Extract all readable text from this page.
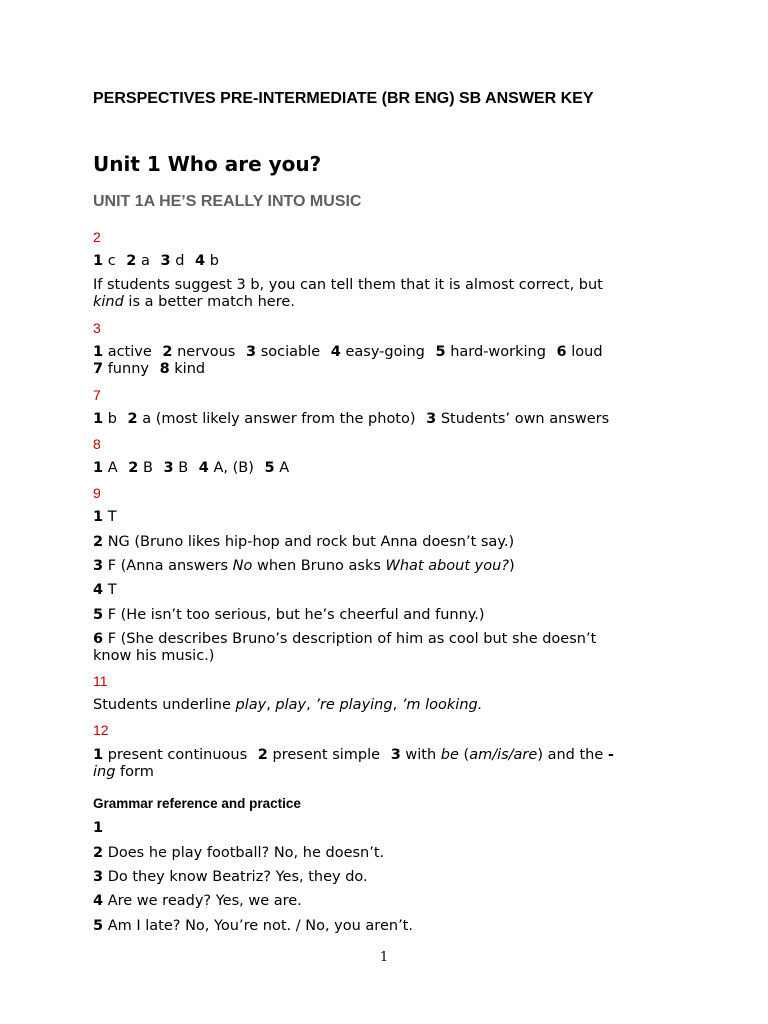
PERSPECTIVES PRE-INTERMEDIATE (BR ENG) SB ANSWER KEY
Unit 1 Who are you?
UNIT 1A HE’S REALLY INTO MUSIC
2
1 c 2 a 3 d 4 b
If students suggest 3 b, you can tell them that it is almost correct, but
kind is a better match here.
3
1 active 2 nervous 3 sociable 4 easy-going 5 hard-working 6 loud
7 funny 8 kind
7
1 b 2 a (most likely answer from the photo) 3 Students’ own answers
8
1 A 2 B 3 B 4 A, (B) 5 A
9
1 T
2 NG (Bruno likes hip-hop and rock but Anna doesn’t say.)
3 F (Anna answers No when Bruno asks What about you?)
4 T
5 F (He isn’t too serious, but he’s cheerful and funny.)
6 F (She describes Bruno’s description of him as cool but she doesn’t
know his music.)
11
Students underline play, play, ’re playing, ’m looking.
12
1 present continuous 2 present simple 3 with be (am/is/are) and the -
ing form
Grammar reference and practice
1
2 Does he play football? No, he doesn’t.
3 Do they know Beatriz? Yes, they do.
4 Are we ready? Yes, we are.
5 Am I late? No, You’re not. / No, you aren’t.
1
